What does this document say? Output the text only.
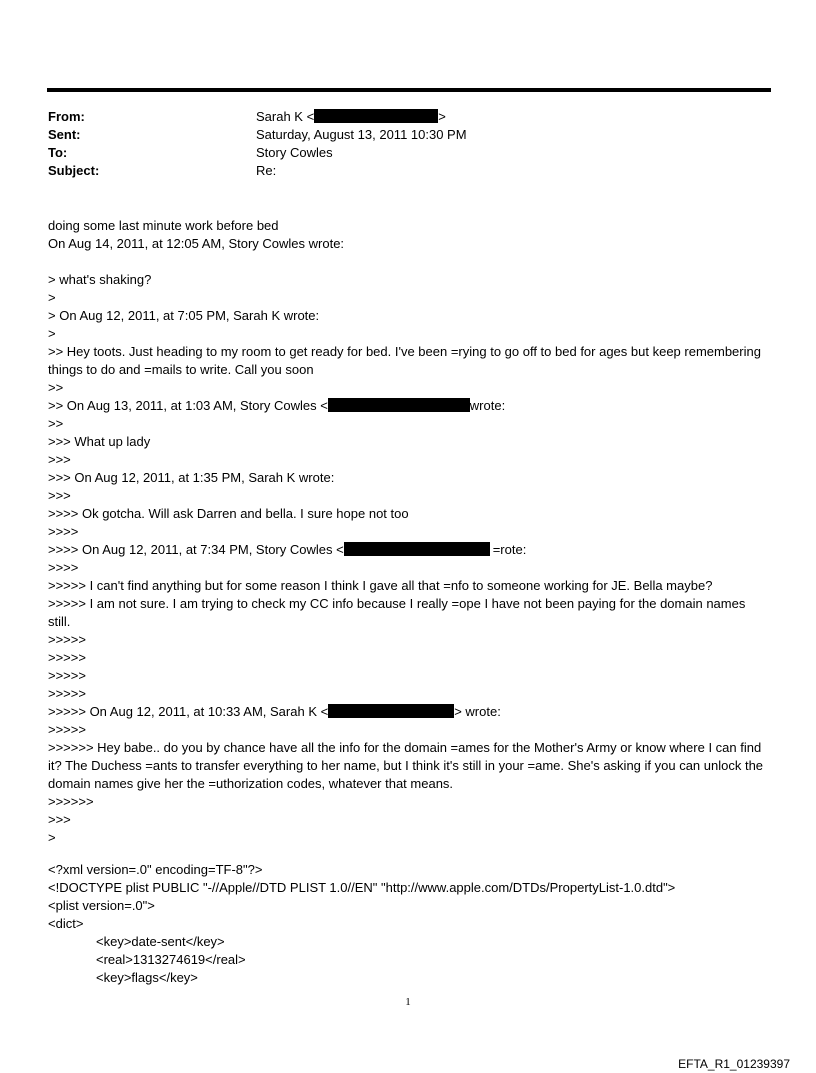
From:	Sarah K <	>
Sent:	Saturday, August 13, 2011 10:30 PM
To:	Story Cowles
Subject:	Re:
doing some last minute work before bed
On Aug 14, 2011, at 12:05 AM, Story Cowles wrote:
> what's shaking?
>
> On Aug 12, 2011, at 7:05 PM, Sarah K wrote:
>
>> Hey toots. Just heading to my room to get ready for bed. I've been =rying to go off to bed for ages but keep remembering things to do and =mails to write. Call you soon
>>
>> On Aug 13, 2011, at 1:03 AM, Story Cowles <	wrote:
>>
>>> What up lady
>>>
>>> On Aug 12, 2011, at 1:35 PM, Sarah K wrote:
>>>
>>>> Ok gotcha. Will ask Darren and bella. I sure hope not too
>>>>
>>>> On Aug 12, 2011, at 7:34 PM, Story Cowles <	=rote:
>>>>
>>>>> I can't find anything but for some reason I think I gave all that =nfo to someone working for JE. Bella maybe?
>>>>> I am not sure. I am trying to check my CC info because I really =ope I have not been paying for the domain names still.
>>>>>
>>>>>
>>>>>
>>>>>
>>>>> On Aug 12, 2011, at 10:33 AM, Sarah K <	> wrote:
>>>>>
>>>>>> Hey babe.. do you by chance have all the info for the domain =ames for the Mother's Army or know where I can find it? The Duchess =ants to transfer everything to her name, but I think it's still in your =ame. She's asking if you can unlock the domain names give her the =uthorization codes, whatever that means.
>>>>>>
>>>
>
<?xml version=.0" encoding=TF-8"?>
<!DOCTYPE plist PUBLIC "-//Apple//DTD PLIST 1.0//EN" "http://www.apple.com/DTDs/PropertyList-1.0.dtd">
<plist version=.0">
<dict>
<key>date-sent</key>
<real>1313274619</real>
<key>flags</key>
1
EFTA_R1_01239397
